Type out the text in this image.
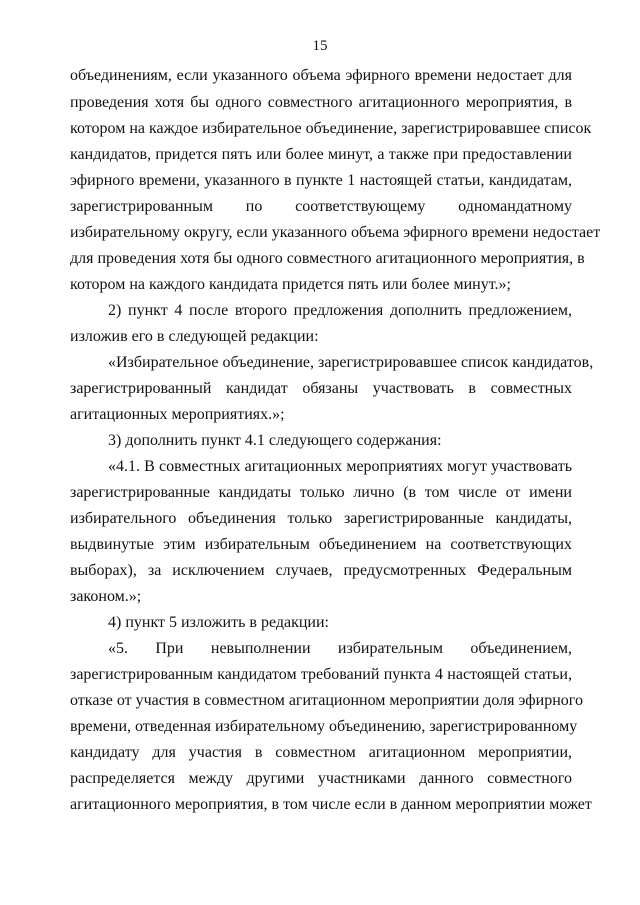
15
объединениям, если указанного объема эфирного времени недостает для
проведения хотя бы одного совместного агитационного мероприятия, в
котором на каждое избирательное объединение, зарегистрировавшее список
кандидатов, придется пять или более минут, а также при предоставлении
эфирного времени, указанного в пункте 1 настоящей статьи, кандидатам,
зарегистрированным по соответствующему одномандатному
избирательному округу, если указанного объема эфирного времени недостает
для проведения хотя бы одного совместного агитационного мероприятия, в
котором на каждого кандидата придется пять или более минут.»;
2) пункт 4 после второго предложения дополнить предложением,
изложив его в следующей редакции:
«Избирательное объединение, зарегистрировавшее список кандидатов,
зарегистрированный кандидат обязаны участвовать в совместных
агитационных мероприятиях.»;
3) дополнить пункт 4.1 следующего содержания:
«4.1. В совместных агитационных мероприятиях могут участвовать
зарегистрированные кандидаты только лично (в том числе от имени
избирательного объединения только зарегистрированные кандидаты,
выдвинутые этим избирательным объединением на соответствующих
выборах), за исключением случаев, предусмотренных Федеральным
законом.»;
4) пункт 5 изложить в редакции:
«5. При невыполнении избирательным объединением,
зарегистрированным кандидатом требований пункта 4 настоящей статьи,
отказе от участия в совместном агитационном мероприятии доля эфирного
времени, отведенная избирательному объединению, зарегистрированному
кандидату для участия в совместном агитационном мероприятии,
распределяется между другими участниками данного совместного
агитационного мероприятия, в том числе если в данном мероприятии может
